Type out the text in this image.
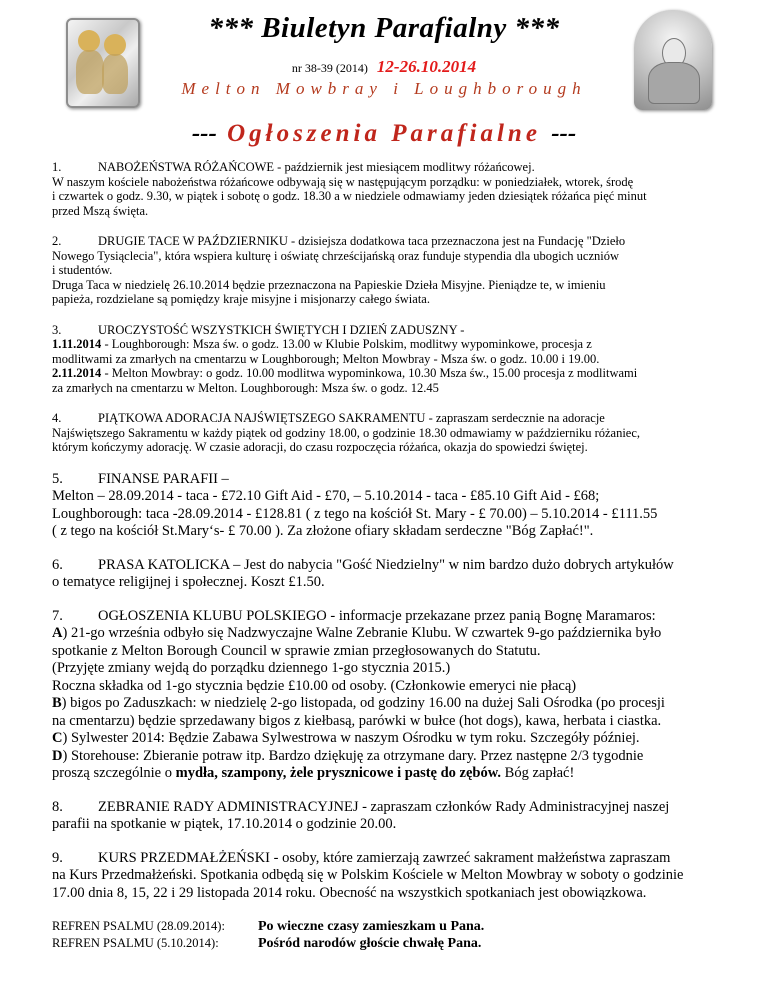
*** Biuletyn Parafialny ***
nr 38-39 (2014) 12-26.10.2014
Melton Mowbray i Loughborough
--- Ogłoszenia Parafialne ---

1.	NABOŻEŃSTWA RÓŻAŃCOWE - październik jest miesiącem modlitwy różańcowej.

W naszym kościele nabożeństwa różańcowe odbywają się w następującym porządku: w poniedziałek, wtorek, środę

i czwartek o godz. 9.30, w piątek i sobotę o godz. 18.30 a w niedziele odmawiamy jeden dziesiątek różańca pięć minut

przed Mszą święta.

2.	DRUGIE TACE W PAŹDZIERNIKU - dzisiejsza dodatkowa taca przeznaczona jest na Fundację "Dzieło

Nowego Tysiąclecia", która wspiera kulturę i oświatę chrześcijańską oraz funduje stypendia dla ubogich uczniów

i studentów.

Druga Taca w niedzielę 26.10.2014 będzie przeznaczona na Papieskie Dzieła Misyjne. Pieniądze te, w imieniu

papieża, rozdzielane są pomiędzy kraje misyjne i misjonarzy całego świata.

3.	UROCZYSTOŚĆ WSZYSTKICH ŚWIĘTYCH I DZIEŃ ZADUSZNY -

1.11.2014 - Loughborough: Msza św. o godz. 13.00 w Klubie Polskim, modlitwy wypominkowe, procesja z

modlitwami za zmarłych na cmentarzu w Loughborough; Melton Mowbray - Msza św. o godz. 10.00 i 19.00.

2.11.2014 - Melton Mowbray: o godz. 10.00 modlitwa wypominkowa, 10.30 Msza św., 15.00 procesja z modlitwami

za zmarłych na cmentarzu w Melton. Loughborough: Msza św. o godz. 12.45

4.	PIĄTKOWA ADORACJA NAJŚWIĘTSZEGO SAKRAMENTU - zapraszam serdecznie na adoracje

Najświętszego Sakramentu w każdy piątek od godziny 18.00, o godzinie 18.30 odmawiamy w październiku różaniec,

którym kończymy adorację. W czasie adoracji, do czasu rozpoczęcia różańca, okazja do spowiedzi świętej.

5. FINANSE PARAFII –

Melton – 28.09.2014 - taca - £72.10 Gift Aid - £70, – 5.10.2014 - taca - £85.10 Gift Aid - £68;

Loughborough: taca -28.09.2014 - £128.81 ( z tego na kościół St. Mary - £ 70.00) – 5.10.2014 - £111.55

( z tego na kościół St.Mary‘s- £ 70.00 ). Za złożone ofiary składam serdeczne "Bóg Zapłać!".

6. PRASA KATOLICKA – Jest do nabycia "Gość Niedzielny" w nim bardzo dużo dobrych artykułów

o tematyce religijnej i społecznej. Koszt £1.50.

7. OGŁOSZENIA KLUBU POLSKIEGO - informacje przekazane przez panią Bognę Maramaros:

A) 21-go września odbyło się Nadzwyczajne Walne Zebranie Klubu. W czwartek 9-go października było

spotkanie z Melton Borough Council w sprawie zmian przegłosowanych do Statutu.

(Przyjęte zmiany wejdą do porządku dziennego 1-go stycznia 2015.)

Roczna składka od 1-go stycznia będzie £10.00 od osoby. (Członkowie emeryci nie płacą)

B) bigos po Zaduszkach: w niedzielę 2-go listopada, od godziny 16.00 na dużej Sali Ośrodka (po procesji

na cmentarzu) będzie sprzedawany bigos z kiełbasą, parówki w bułce (hot dogs), kawa, herbata i ciastka.

C) Sylwester 2014: Będzie Zabawa Sylwestrowa w naszym Ośrodku w tym roku. Szczegóły później.

D) Storehouse: Zbieranie potraw itp. Bardzo dziękuję za otrzymane dary. Przez następne 2/3 tygodnie

proszą szczególnie o mydła, szampony, żele prysznicowe i pastę do zębów. Bóg zapłać!

8. ZEBRANIE RADY ADMINISTRACYJNEJ - zapraszam członków Rady Administracyjnej naszej

parafii na spotkanie w piątek, 17.10.2014 o godzinie 20.00.

9. KURS PRZEDMAŁŻEŃSKI - osoby, które zamierzają zawrzeć sakrament małżeństwa zapraszam

na Kurs Przedmałżeński. Spotkania odbędą się w Polskim Kościele w Melton Mowbray w soboty o godzinie

17.00 dnia 8, 15, 22 i 29 listopada 2014 roku. Obecność na wszystkich spotkaniach jest obowiązkowa.

REFREN PSALMU (28.09.2014): Po wieczne czasy zamieszkam u Pana.

REFREN PSALMU (5.10.2014):	Pośród narodów głoście chwałę Pana.
